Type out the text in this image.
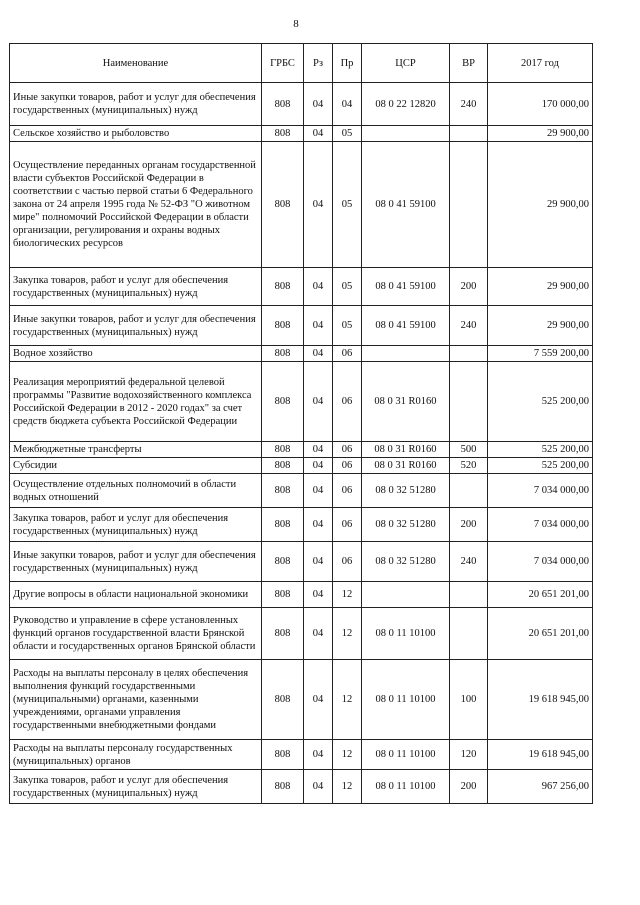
8
Наименование	ГРБС	Рз	Пр	ЦСР	ВР	2017 год
Иные закупки товаров, работ и услуг для обеспечения государственных (муниципальных) нужд	808	04	04	08 0 22 12820	240	170 000,00
Сельское хозяйство и рыболовство	808	04	05			29 900,00
Осуществление переданных органам государственной власти субъектов Российской Федерации в соответствии с частью первой статьи 6 Федерального закона от 24 апреля 1995 года № 52-ФЗ "О животном мире" полномочий Российской Федерации в области организации, регулирования и охраны водных биологических ресурсов	808	04	05	08 0 41 59100		29 900,00
Закупка товаров, работ и услуг для обеспечения государственных (муниципальных) нужд	808	04	05	08 0 41 59100	200	29 900,00
Иные закупки товаров, работ и услуг для обеспечения государственных (муниципальных) нужд	808	04	05	08 0 41 59100	240	29 900,00
Водное хозяйство	808	04	06			7 559 200,00
Реализация мероприятий федеральной целевой программы "Развитие водохозяйственного комплекса Российской Федерации в 2012 - 2020 годах" за счет средств бюджета субъекта Российской Федерации	808	04	06	08 0 31 R0160		525 200,00
Межбюджетные трансферты	808	04	06	08 0 31 R0160	500	525 200,00
Субсидии	808	04	06	08 0 31 R0160	520	525 200,00
Осуществление отдельных полномочий в области водных отношений	808	04	06	08 0 32 51280		7 034 000,00
Закупка товаров, работ и услуг для обеспечения государственных (муниципальных) нужд	808	04	06	08 0 32 51280	200	7 034 000,00
Иные закупки товаров, работ и услуг для обеспечения государственных (муниципальных) нужд	808	04	06	08 0 32 51280	240	7 034 000,00
Другие вопросы в области национальной экономики	808	04	12			20 651 201,00
Руководство и управление в сфере установленных функций органов государственной власти Брянской области и государственных органов Брянской области	808	04	12	08 0 11 10100		20 651 201,00
Расходы на выплаты персоналу в целях обеспечения выполнения функций государственными (муниципальными) органами, казенными учреждениями, органами управления государственными внебюджетными фондами	808	04	12	08 0 11 10100	100	19 618 945,00
Расходы на выплаты персоналу государственных (муниципальных) органов	808	04	12	08 0 11 10100	120	19 618 945,00
Закупка товаров, работ и услуг для обеспечения государственных (муниципальных) нужд	808	04	12	08 0 11 10100	200	967 256,00
